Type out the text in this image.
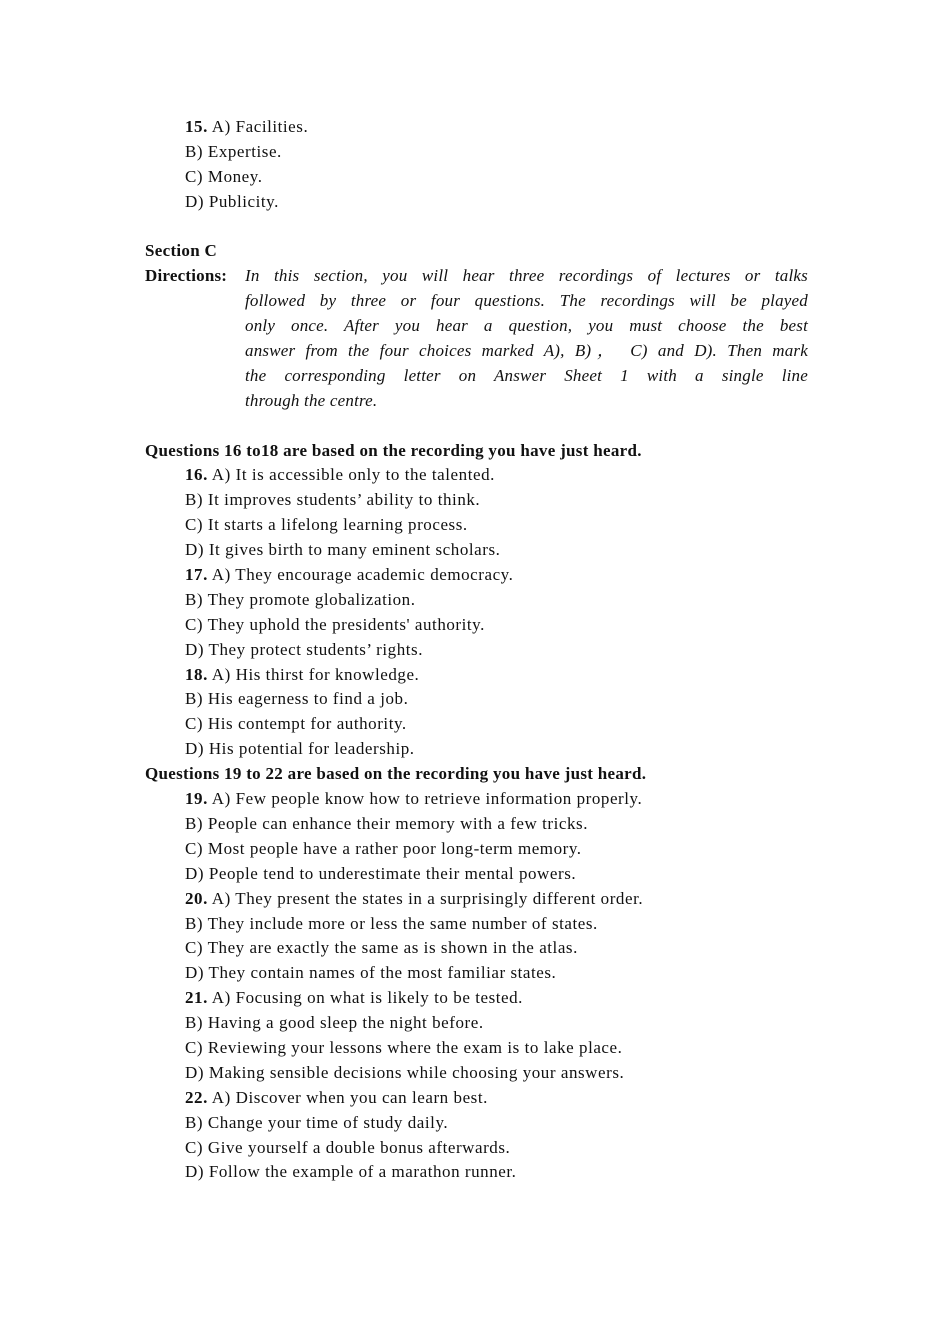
15. A) Facilities.
B) Expertise.
C) Money.
D) Publicity.
Section C
Directions:	In this section, you will hear three recordings of lectures or talks
followed by three or four questions. The recordings will be played
only once. After you hear a question, you must choose the best
answer from the four choices marked A), B)， C) and D). Then mark
the corresponding letter on Answer Sheet 1 with a single line
through the centre.
Questions 16 to18 are based on the recording you have just heard.
16. A) It is accessible only to the talented.
B) It improves students’ ability to think.
C) It starts a lifelong learning process.
D) It gives birth to many eminent scholars.
17. A) They encourage academic democracy.
B) They promote globalization.
C) They uphold the presidents' authority.
D) They protect students’ rights.
18. A) His thirst for knowledge.
B) His eagerness to find a job.
C) His contempt for authority.
D) His potential for leadership.
Questions 19 to 22 are based on the recording you have just heard.
19. A) Few people know how to retrieve information properly.
B) People can enhance their memory with a few tricks.
C) Most people have a rather poor long-term memory.
D) People tend to underestimate their mental powers.
20. A) They present the states in a surprisingly different order.
B) They include more or less the same number of states.
C) They are exactly the same as is shown in the atlas.
D) They contain names of the most familiar states.
21. A) Focusing on what is likely to be tested.
B) Having a good sleep the night before.
C) Reviewing your lessons where the exam is to lake place.
D) Making sensible decisions while choosing your answers.
22. A) Discover when you can learn best.
B) Change your time of study daily.
C) Give yourself a double bonus afterwards.
D) Follow the example of a marathon runner.
